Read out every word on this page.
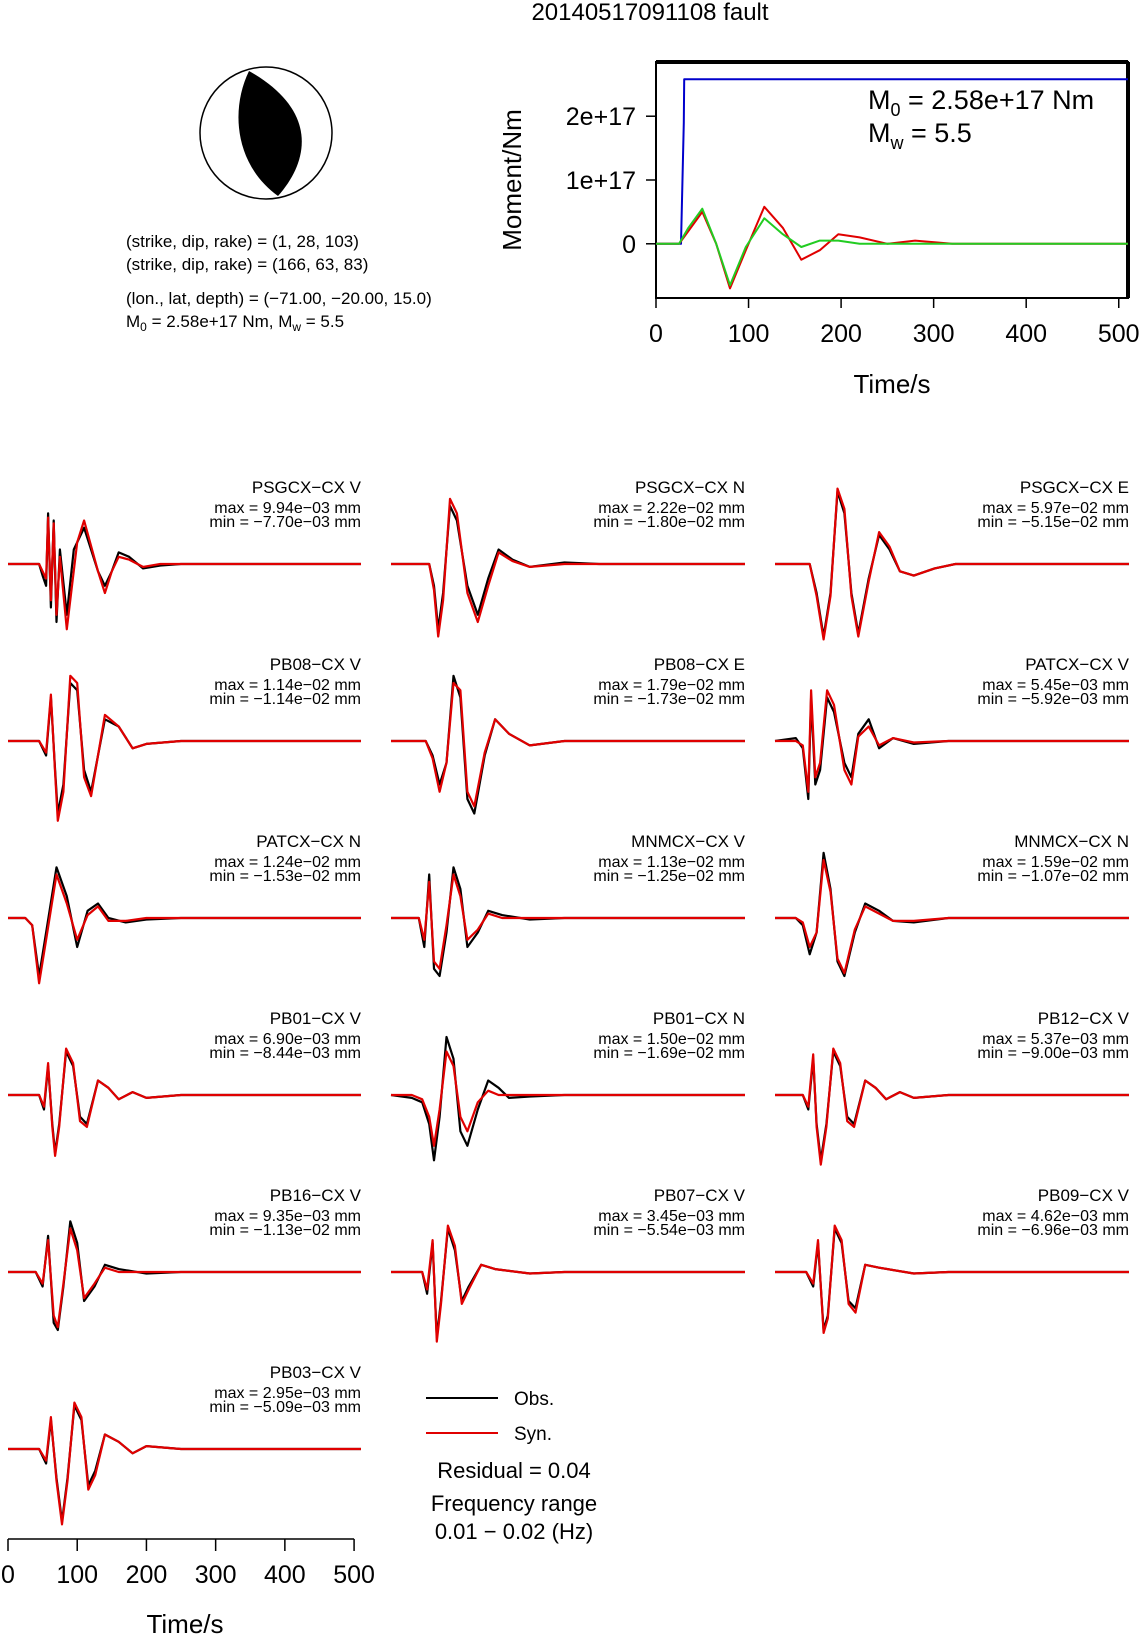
20140517091108 fault
(strike, dip, rake) = (1, 28, 103)
(strike, dip, rake) = (166, 63, 83)
(lon., lat, depth) = (−71.00, −20.00, 15.0)
$M_0 = 2.58e+17$ Nm, $M_w = 5.5$	0	100 200 300 400 500
0
1e+17
2e+17
Time/s
Moment/Nm
$M_0 = 2.58e+17$ Nm
$M_w = 5.5$
PSGCX−CX V
max = 9.94e−03 mm
min = −7.70e−03 mm
PSGCX−CX N
max = 2.22e−02 mm
min = −1.80e−02 mm
PSGCX−CX E
max = 5.97e−02 mm
min = −5.15e−02 mm
PB08−CX V
max = 1.14e−02 mm
min = −1.14e−02 mm
PB08−CX E
max = 1.79e−02 mm
min = −1.73e−02 mm
PATCX−CX V
max = 5.45e−03 mm
min = −5.92e−03 mm
PATCX−CX N
max = 1.24e−02 mm
min = −1.53e−02 mm
MNMCX−CX V
max = 1.13e−02 mm
min = −1.25e−02 mm
MNMCX−CX N
max = 1.59e−02 mm
min = −1.07e−02 mm
PB01−CX V
max = 6.90e−03 mm
min = −8.44e−03 mm
PB01−CX N
max = 1.50e−02 mm
min = −1.69e−02 mm
PB12−CX V
max = 5.37e−03 mm
min = −9.00e−03 mm
PB16−CX V
max = 9.35e−03 mm
min = −1.13e−02 mm
PB07−CX V
max = 3.45e−03 mm
min = −5.54e−03 mm
PB09−CX V
max = 4.62e−03 mm
min = −6.96e−03 mm
PB03−CX V
max = 2.95e−03 mm
min = −5.09e−03 mm
0 100 200 300 400 500
Time/s
Obs.
Syn.
Residual = 0.04
Frequency range
0.01 − 0.02 (Hz)
